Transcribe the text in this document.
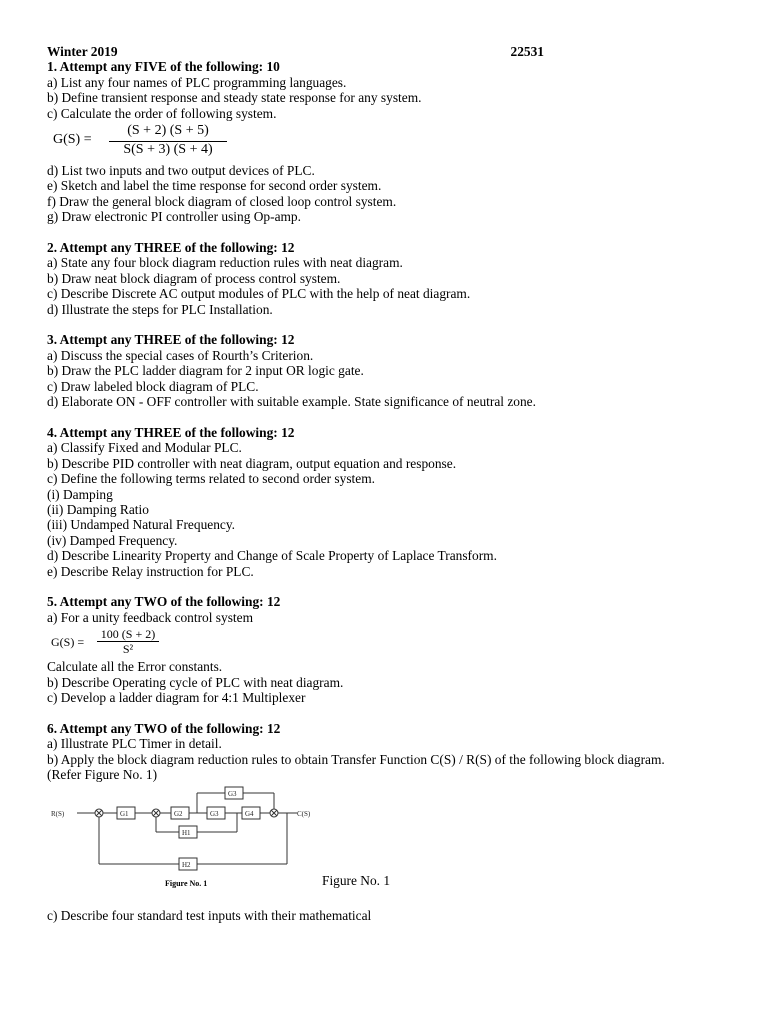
Winter 2019	22531
1. Attempt any FIVE of the following: 10
a) List any four names of PLC programming languages.
b) Define transient response and steady state response for any system.
c) Calculate the order of following system.
G(S) =
(S + 2) (S + 5)
S(S + 3) (S + 4)
d) List two inputs and two output devices of PLC.
e) Sketch and label the time response for second order system.
f) Draw the general block diagram of closed loop control system.
g) Draw electronic PI controller using Op-amp.
2. Attempt any THREE of the following: 12
a) State any four block diagram reduction rules with neat diagram.
b) Draw neat block diagram of process control system.
c) Describe Discrete AC output modules of PLC with the help of neat diagram.
d) Illustrate the steps for PLC Installation.
3. Attempt any THREE of the following: 12
a) Discuss the special cases of Rourth’s Criterion.
b) Draw the PLC ladder diagram for 2 input OR logic gate.
c) Draw labeled block diagram of PLC.
d) Elaborate ON - OFF controller with suitable example. State significance of neutral zone.
4. Attempt any THREE of the following: 12
a) Classify Fixed and Modular PLC.
b) Describe PID controller with neat diagram, output equation and response.
c) Define the following terms related to second order system.
(i) Damping
(ii) Damping Ratio
(iii) Undamped Natural Frequency.
(iv) Damped Frequency.
d) Describe Linearity Property and Change of Scale Property of Laplace Transform.
e) Describe Relay instruction for PLC.
5. Attempt any TWO of the following: 12
a) For a unity feedback control system
G(S) =
100 (S + 2)
S²
Calculate all the Error constants.
b) Describe Operating cycle of PLC with neat diagram.
c) Develop a ladder diagram for 4:1 Multiplexer
6. Attempt any TWO of the following: 12
a) Illustrate PLC Timer in detail.
b) Apply the block diagram reduction rules to obtain Transfer Function C(S) / R(S) of the following block diagram.
(Refer Figure No. 1)
R(S)	C(S)
G1	G2	G3
G3
G4
H1
H2
Figure No. 1	Figure No. 1
c) Describe four standard test inputs with their mathematical
